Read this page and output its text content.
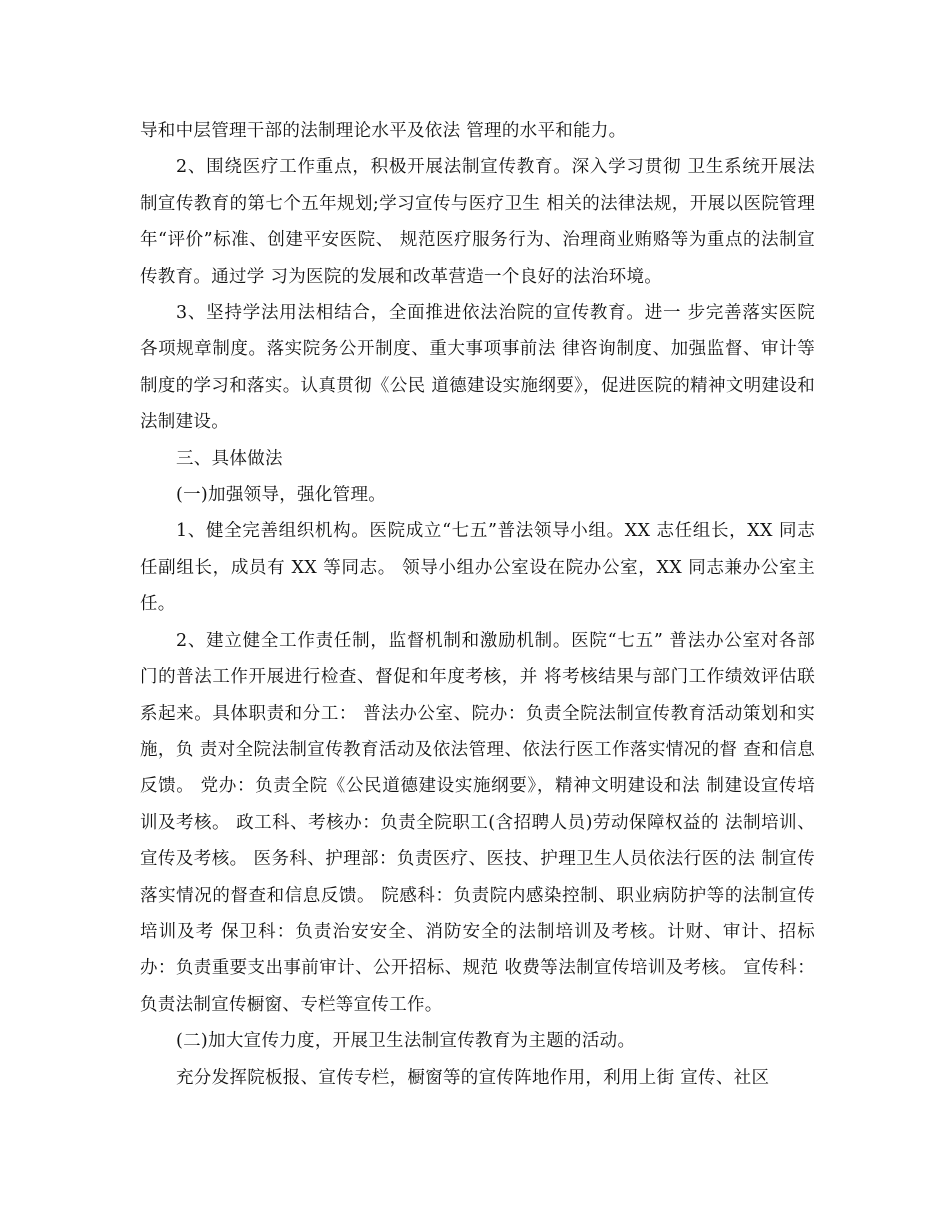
导和中层管理干部的法制理论水平及依法 管理的水平和能力。

2、围绕医疗工作重点，积极开展法制宣传教育。深入学习贯彻 卫生系统开展法制宣传教育的第七个五年规划;学习宣传与医疗卫生 相关的法律法规，开展以医院管理年“评价”标准、创建平安医院、 规范医疗服务行为、治理商业贿赂等为重点的法制宣传教育。通过学 习为医院的发展和改革营造一个良好的法治环境。

3、坚持学法用法相结合，全面推进依法治院的宣传教育。进一 步完善落实医院各项规章制度。落实院务公开制度、重大事项事前法 律咨询制度、加强监督、审计等制度的学习和落实。认真贯彻《公民 道德建设实施纲要》，促进医院的精神文明建设和法制建设。

三、具体做法

(一)加强领导，强化管理。

1、健全完善组织机构。医院成立“七五”普法领导小组。XX 志任组长，XX 同志任副组长，成员有 XX 等同志。 领导小组办公室设在院办公室，XX 同志兼办公室主任。

2、建立健全工作责任制，监督机制和激励机制。医院“七五” 普法办公室对各部门的普法工作开展进行检查、督促和年度考核，并 将考核结果与部门工作绩效评估联系起来。具体职责和分工： 普法办公室、院办：负责全院法制宣传教育活动策划和实施，负 责对全院法制宣传教育活动及依法管理、依法行医工作落实情况的督 查和信息反馈。 党办：负责全院《公民道德建设实施纲要》，精神文明建设和法 制建设宣传培训及考核。 政工科、考核办：负责全院职工(含招聘人员)劳动保障权益的 法制培训、宣传及考核。 医务科、护理部：负责医疗、医技、护理卫生人员依法行医的法 制宣传落实情况的督查和信息反馈。 院感科：负责院内感染控制、职业病防护等的法制宣传培训及考 保卫科：负责治安安全、消防安全的法制培训及考核。计财、审计、招标办：负责重要支出事前审计、公开招标、规范 收费等法制宣传培训及考核。 宣传科：负责法制宣传橱窗、专栏等宣传工作。

(二)加大宣传力度，开展卫生法制宣传教育为主题的活动。

充分发挥院板报、宣传专栏，橱窗等的宣传阵地作用，利用上街 宣传、社区
